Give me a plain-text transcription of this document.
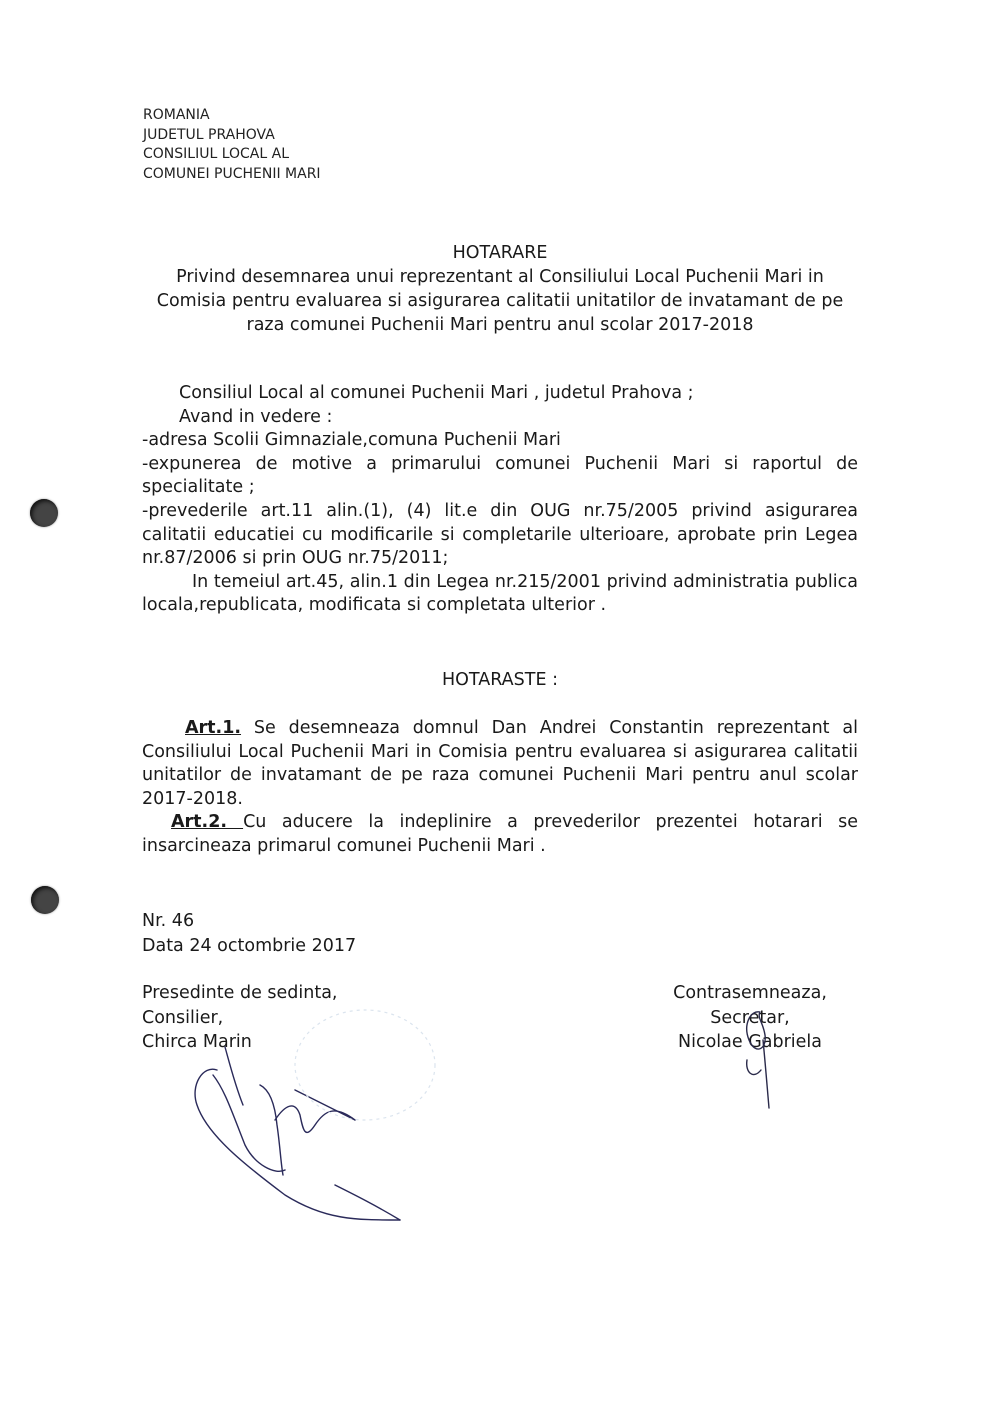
ROMANIA
JUDETUL PRAHOVA
CONSILIUL LOCAL AL
COMUNEI PUCHENII MARI
HOTARARE
Privind desemnarea unui reprezentant al Consiliului Local Puchenii Mari in
Comisia pentru evaluarea si asigurarea calitatii unitatilor de invatamant de pe
raza comunei Puchenii Mari pentru anul scolar 2017-2018
Consiliul Local al comunei Puchenii Mari , judetul Prahova ;
Avand in vedere :
-adresa Scolii Gimnaziale,comuna Puchenii Mari
-expunerea de motive a primarului comunei Puchenii Mari si raportul de specialitate ;
-prevederile art.11 alin.(1), (4) lit.e din OUG nr.75/2005 privind asigurarea calitatii educatiei cu modificarile si completarile ulterioare, aprobate prin Legea nr.87/2006 si prin OUG nr.75/2011;
In temeiul art.45, alin.1 din Legea nr.215/2001 privind administratia publica locala,republicata, modificata si completata ulterior .
HOTARASTE :
Art.1. Se desemneaza domnul Dan Andrei Constantin reprezentant al Consiliului Local Puchenii Mari in Comisia pentru evaluarea si asigurarea calitatii unitatilor de invatamant de pe raza comunei Puchenii Mari pentru anul scolar 2017-2018.
Art.2. Cu aducere la indeplinire a prevederilor prezentei hotarari se insarcineaza primarul comunei Puchenii Mari .
Nr. 46
Data 24 octombrie 2017
Presedinte de sedinta,
Consilier,
Chirca Marin
Contrasemneaza,
Secretar,
Nicolae Gabriela
